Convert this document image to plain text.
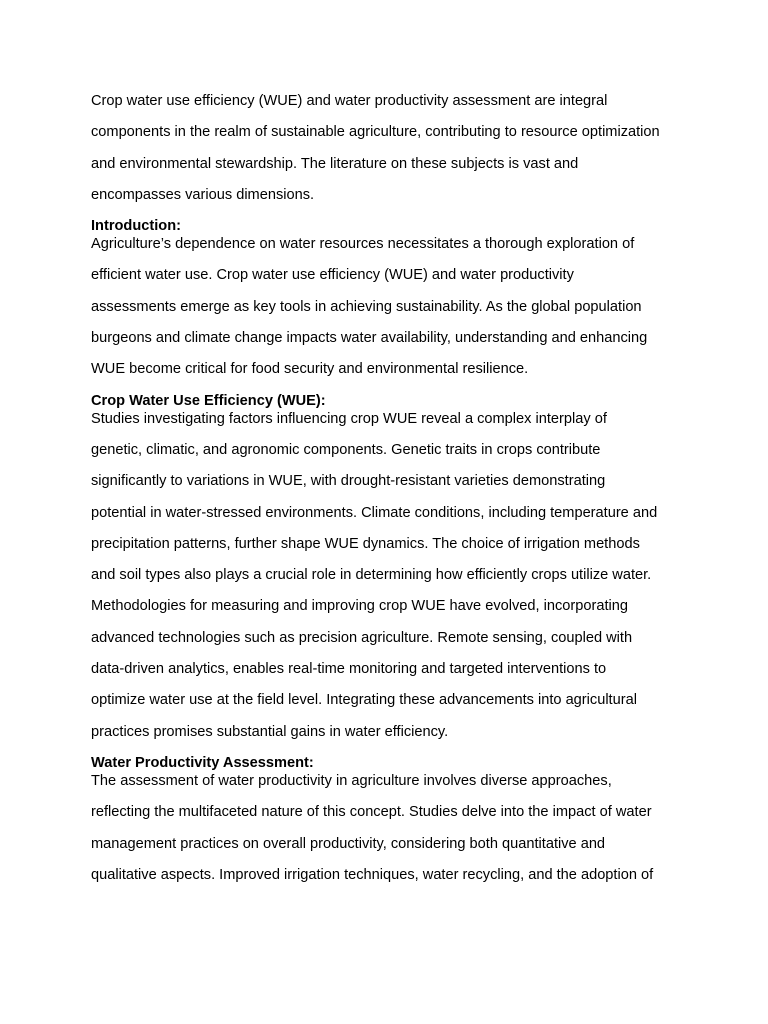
Crop water use efficiency (WUE) and water productivity assessment are integral
components in the realm of sustainable agriculture, contributing to resource optimization
and environmental stewardship. The literature on these subjects is vast and
encompasses various dimensions.

Introduction:

Agriculture’s dependence on water resources necessitates a thorough exploration of
efficient water use. Crop water use efficiency (WUE) and water productivity
assessments emerge as key tools in achieving sustainability. As the global population
burgeons and climate change impacts water availability, understanding and enhancing
WUE become critical for food security and environmental resilience.

Crop Water Use Efficiency (WUE):

Studies investigating factors influencing crop WUE reveal a complex interplay of
genetic, climatic, and agronomic components. Genetic traits in crops contribute
significantly to variations in WUE, with drought-resistant varieties demonstrating
potential in water-stressed environments. Climate conditions, including temperature and
precipitation patterns, further shape WUE dynamics. The choice of irrigation methods
and soil types also plays a crucial role in determining how efficiently crops utilize water.
Methodologies for measuring and improving crop WUE have evolved, incorporating
advanced technologies such as precision agriculture. Remote sensing, coupled with
data-driven analytics, enables real-time monitoring and targeted interventions to
optimize water use at the field level. Integrating these advancements into agricultural
practices promises substantial gains in water efficiency.

Water Productivity Assessment:

The assessment of water productivity in agriculture involves diverse approaches,
reflecting the multifaceted nature of this concept. Studies delve into the impact of water
management practices on overall productivity, considering both quantitative and
qualitative aspects. Improved irrigation techniques, water recycling, and the adoption of
